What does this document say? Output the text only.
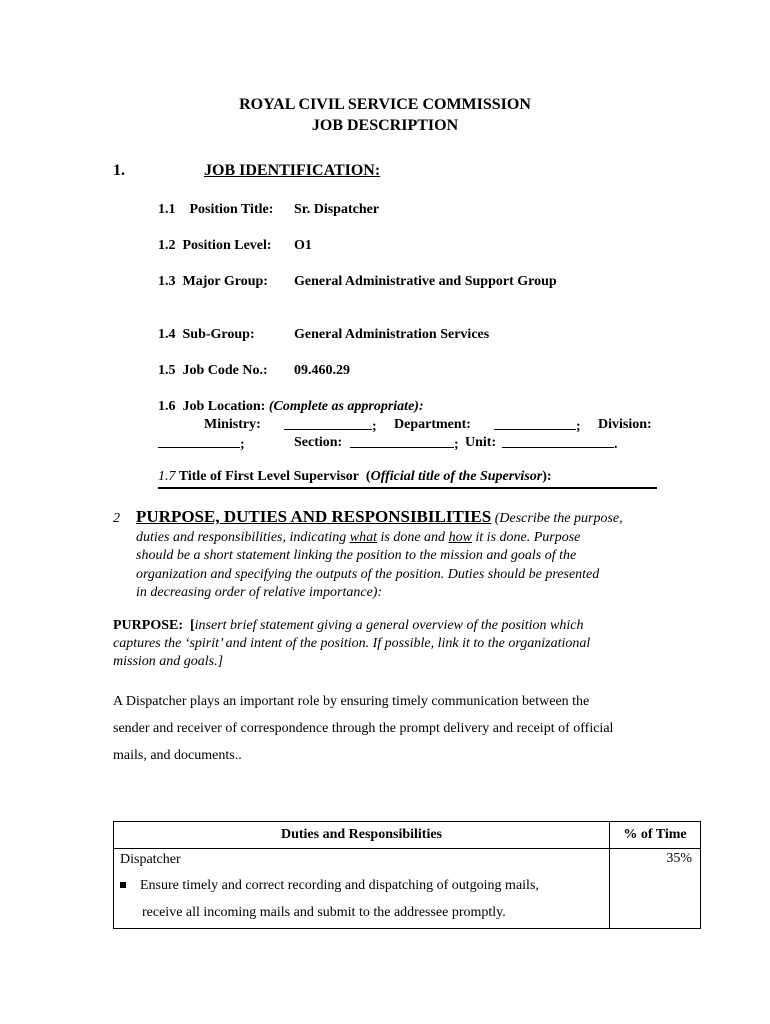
ROYAL CIVIL SERVICE COMMISSION
JOB DESCRIPTION
1.	JOB IDENTIFICATION:
1.1 Position Title: Sr. Dispatcher
1.2 Position Level: O1
1.3 Major Group: General Administrative and Support Group
1.4 Sub-Group:	General Administration Services
1.5 Job Code No.: 09.460.29
1.6 Job Location: (Complete as appropriate):
Ministry:	; Department:	; Division:
;	Section:	; Unit:	.
1.7 Title of First Level Supervisor  (Official title of the Supervisor):
2 PURPOSE, DUTIES AND RESPONSIBILITIES (Describe the purpose,
duties and responsibilities, indicating what is done and how it is done. Purpose
should be a short statement linking the position to the mission and goals of the
organization and specifying the outputs of the position. Duties should be presented
in decreasing order of relative importance):
PURPOSE: [insert brief statement giving a general overview of the position which
captures the ‘spirit’ and intent of the position. If possible, link it to the organizational
mission and goals.]
A Dispatcher plays an important role by ensuring timely communication between the
sender and receiver of correspondence through the prompt delivery and receipt of official
mails, and documents..
Duties and Responsibilities	% of Time

Dispatcher
Ensure timely and correct recording and dispatching of outgoing mails,
receive all incoming mails and submit to the addressee promptly.	35%
